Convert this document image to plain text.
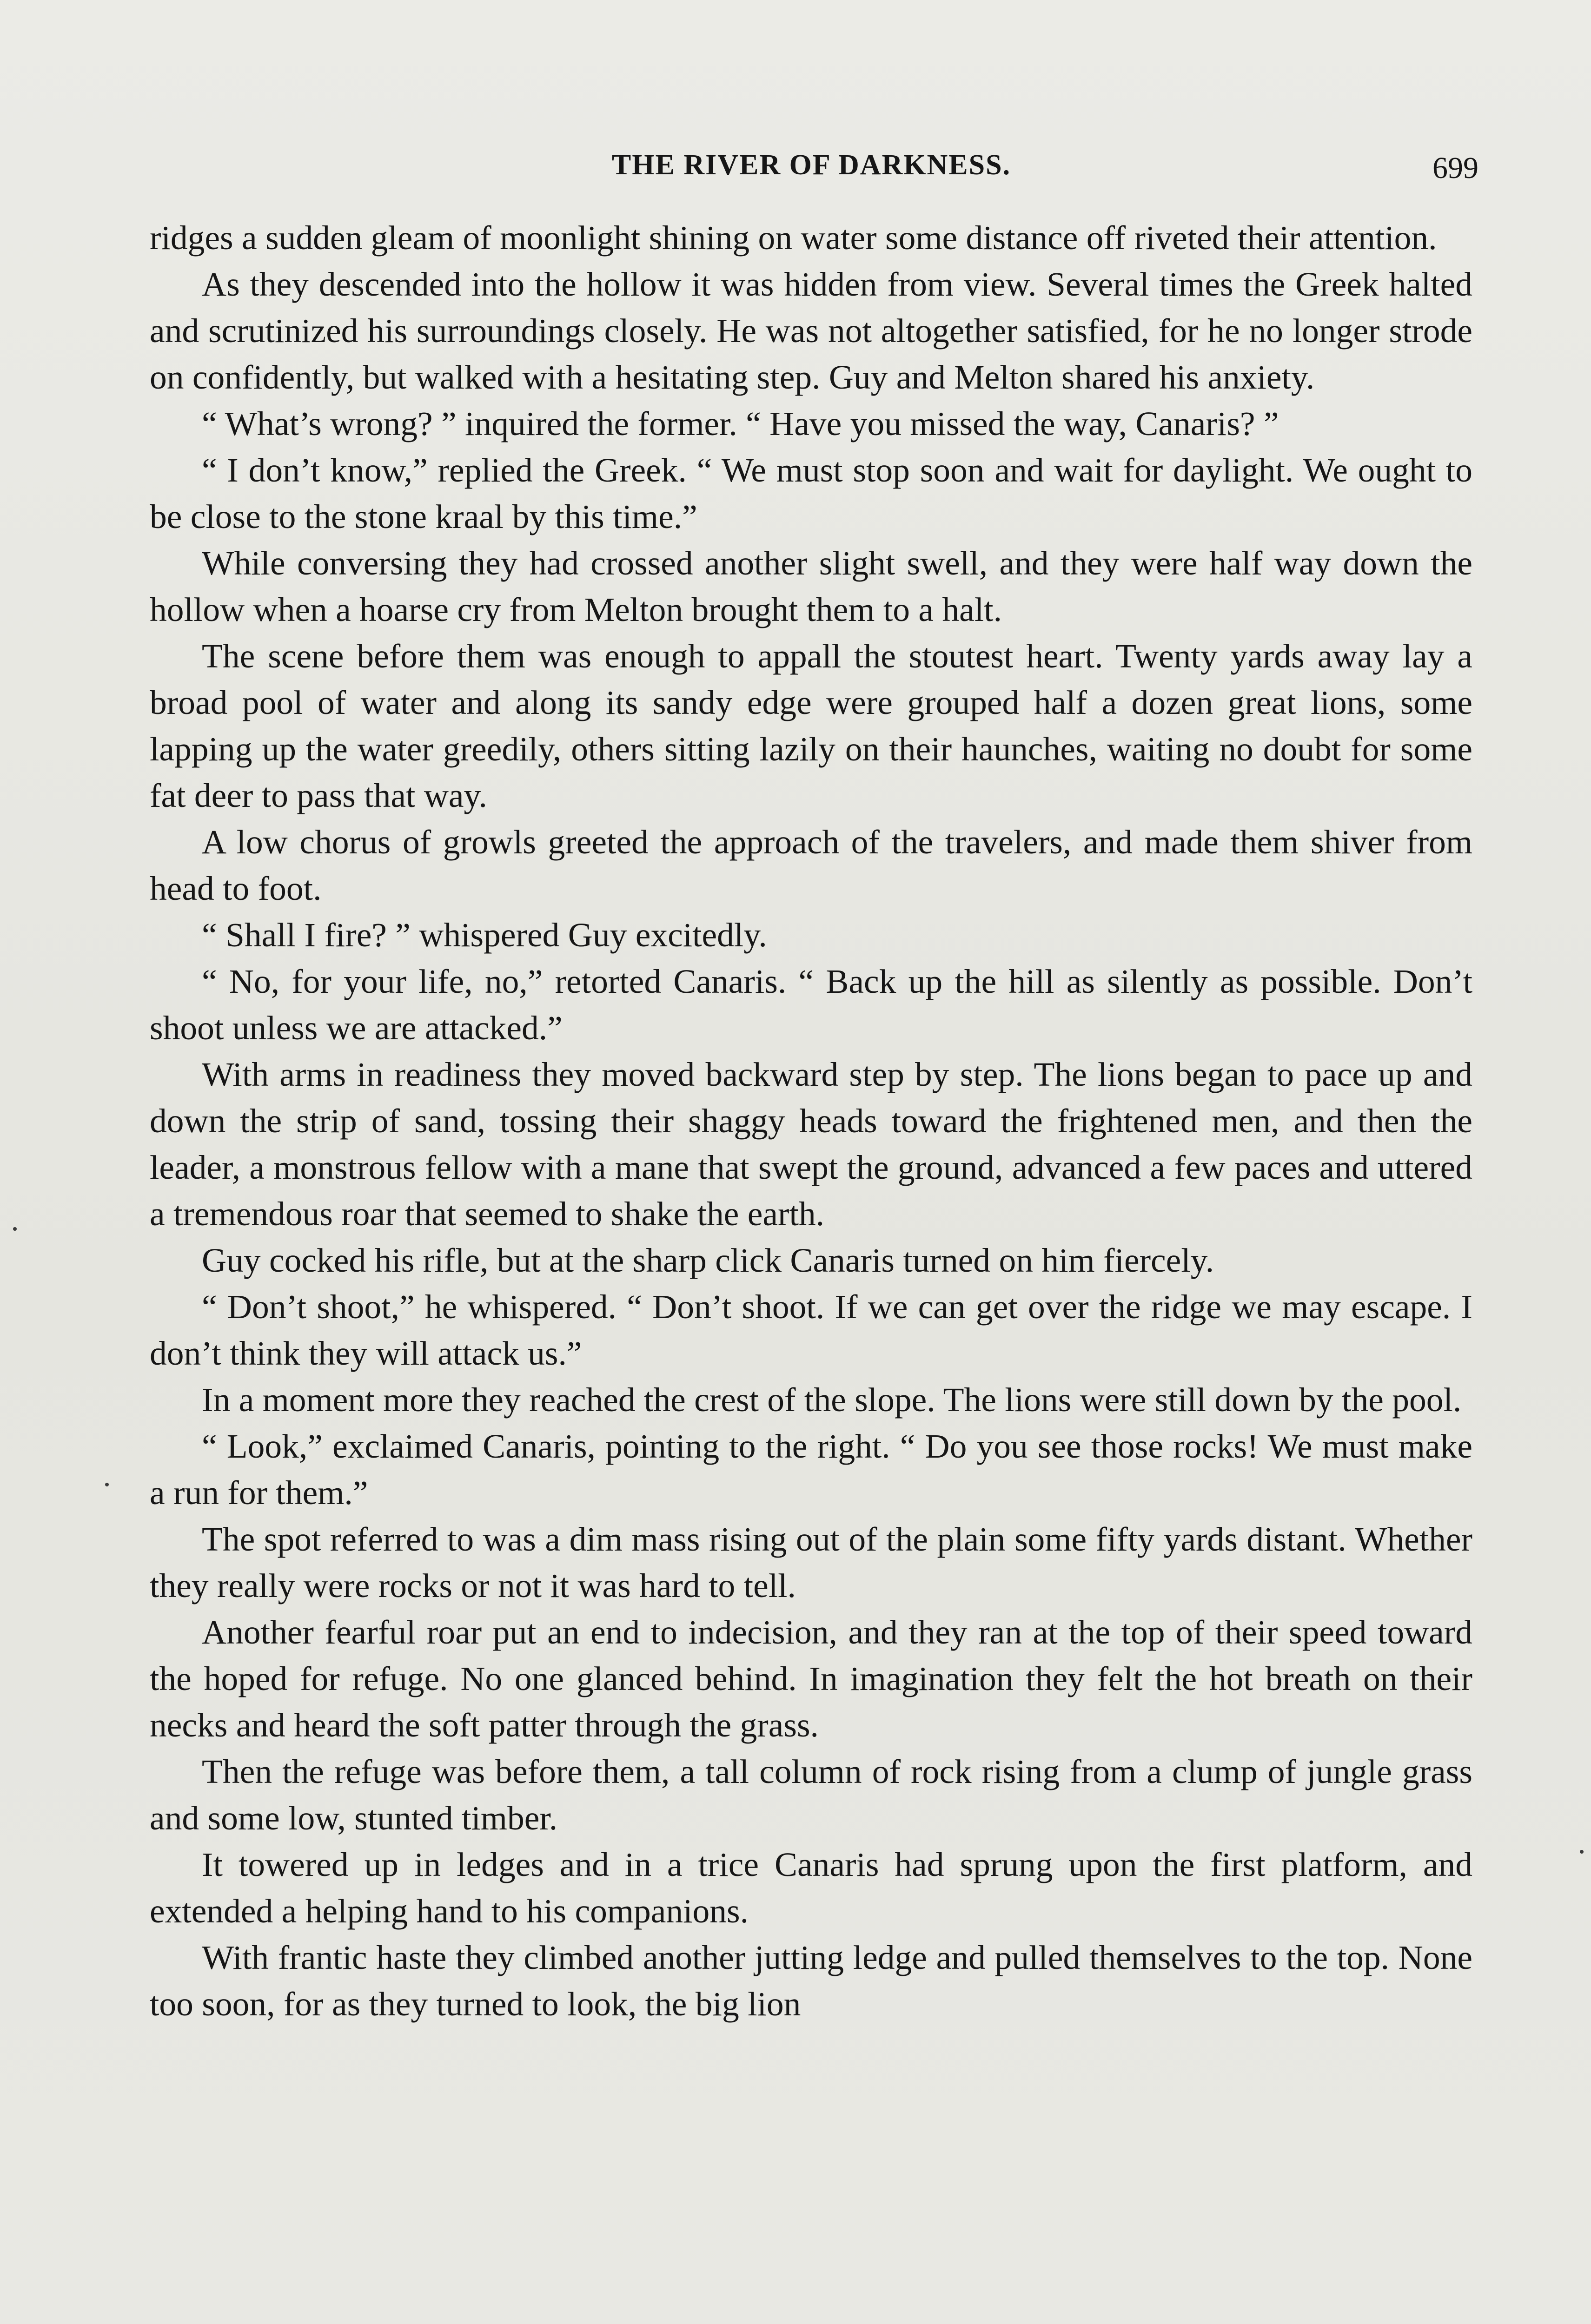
THE RIVER OF DARKNESS.	699

ridges a sudden gleam of moonlight shining on water some distance off riveted their attention.

As they descended into the hollow it was hidden from view. Several times the Greek halted and scrutinized his surroundings closely. He was not altogether satisfied, for he no longer strode on confidently, but walked with a hesitating step. Guy and Melton shared his anxiety.

“ What’s wrong? ” inquired the former. “ Have you missed the way, Canaris? ”

“ I don’t know,” replied the Greek. “ We must stop soon and wait for daylight. We ought to be close to the stone kraal by this time.”

While conversing they had crossed another slight swell, and they were half way down the hollow when a hoarse cry from Melton brought them to a halt.

The scene before them was enough to appall the stoutest heart. Twenty yards away lay a broad pool of water and along its sandy edge were grouped half a dozen great lions, some lapping up the water greedily, others sitting lazily on their haunches, waiting no doubt for some fat deer to pass that way.

A low chorus of growls greeted the approach of the travelers, and made them shiver from head to foot.

“ Shall I fire? ” whispered Guy excitedly.

“ No, for your life, no,” retorted Canaris. “ Back up the hill as silently as possible. Don’t shoot unless we are attacked.”

With arms in readiness they moved backward step by step. The lions began to pace up and down the strip of sand, tossing their shaggy heads toward the frightened men, and then the leader, a monstrous fellow with a mane that swept the ground, advanced a few paces and uttered a tremendous roar that seemed to shake the earth.

Guy cocked his rifle, but at the sharp click Canaris turned on him fiercely.

“ Don’t shoot,” he whispered. “ Don’t shoot. If we can get over the ridge we may escape. I don’t think they will attack us.”

In a moment more they reached the crest of the slope. The lions were still down by the pool.

“ Look,” exclaimed Canaris, pointing to the right. “ Do you see those rocks! We must make a run for them.”

The spot referred to was a dim mass rising out of the plain some fifty yards distant. Whether they really were rocks or not it was hard to tell.

Another fearful roar put an end to indecision, and they ran at the top of their speed toward the hoped for refuge. No one glanced behind. In imagination they felt the hot breath on their necks and heard the soft patter through the grass.

Then the refuge was before them, a tall column of rock rising from a clump of jungle grass and some low, stunted timber.

It towered up in ledges and in a trice Canaris had sprung upon the first platform, and extended a helping hand to his companions.

With frantic haste they climbed another jutting ledge and pulled themselves to the top. None too soon, for as they turned to look, the big lion
